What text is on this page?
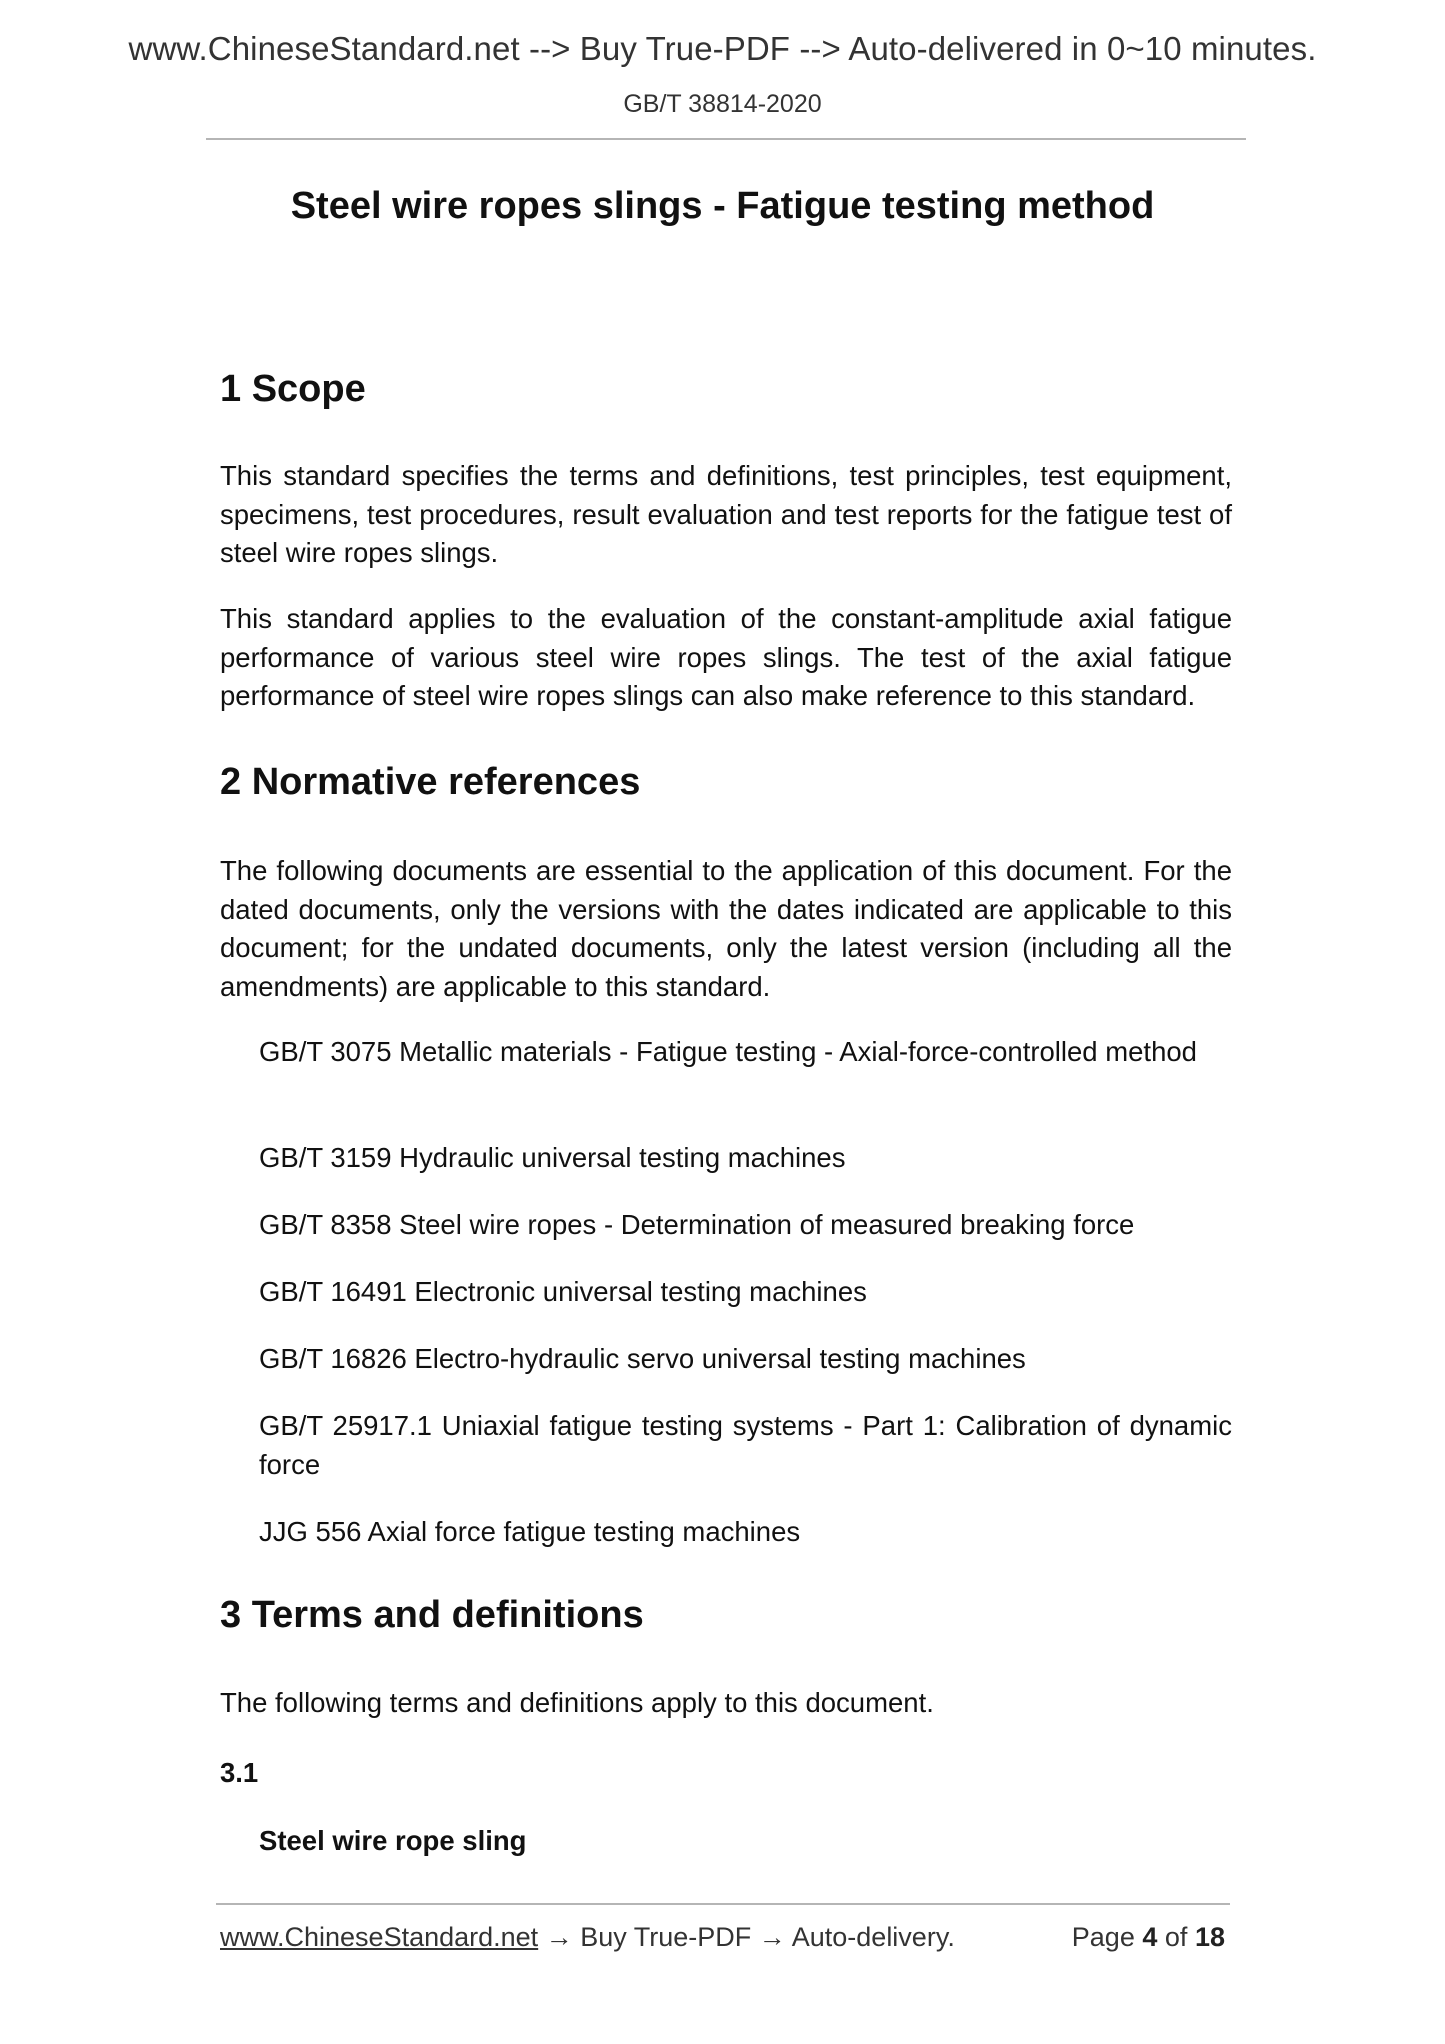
www.ChineseStandard.net --> Buy True-PDF --> Auto-delivered in 0~10 minutes.
GB/T 38814-2020
Steel wire ropes slings - Fatigue testing method
1 Scope
This standard specifies the terms and definitions, test principles, test equipment, specimens, test procedures, result evaluation and test reports for the fatigue test of steel wire ropes slings.
This standard applies to the evaluation of the constant-amplitude axial fatigue performance of various steel wire ropes slings. The test of the axial fatigue performance of steel wire ropes slings can also make reference to this standard.
2 Normative references
The following documents are essential to the application of this document. For the dated documents, only the versions with the dates indicated are applicable to this document; for the undated documents, only the latest version (including all the amendments) are applicable to this standard.
GB/T 3075 Metallic materials - Fatigue testing - Axial-force-controlled method
GB/T 3159 Hydraulic universal testing machines
GB/T 8358 Steel wire ropes - Determination of measured breaking force
GB/T 16491 Electronic universal testing machines
GB/T 16826 Electro-hydraulic servo universal testing machines
GB/T 25917.1 Uniaxial fatigue testing systems - Part 1: Calibration of dynamic force
JJG 556 Axial force fatigue testing machines
3 Terms and definitions
The following terms and definitions apply to this document.
3.1
Steel wire rope sling
www.ChineseStandard.net → Buy True-PDF → Auto-delivery.	Page 4 of 18
